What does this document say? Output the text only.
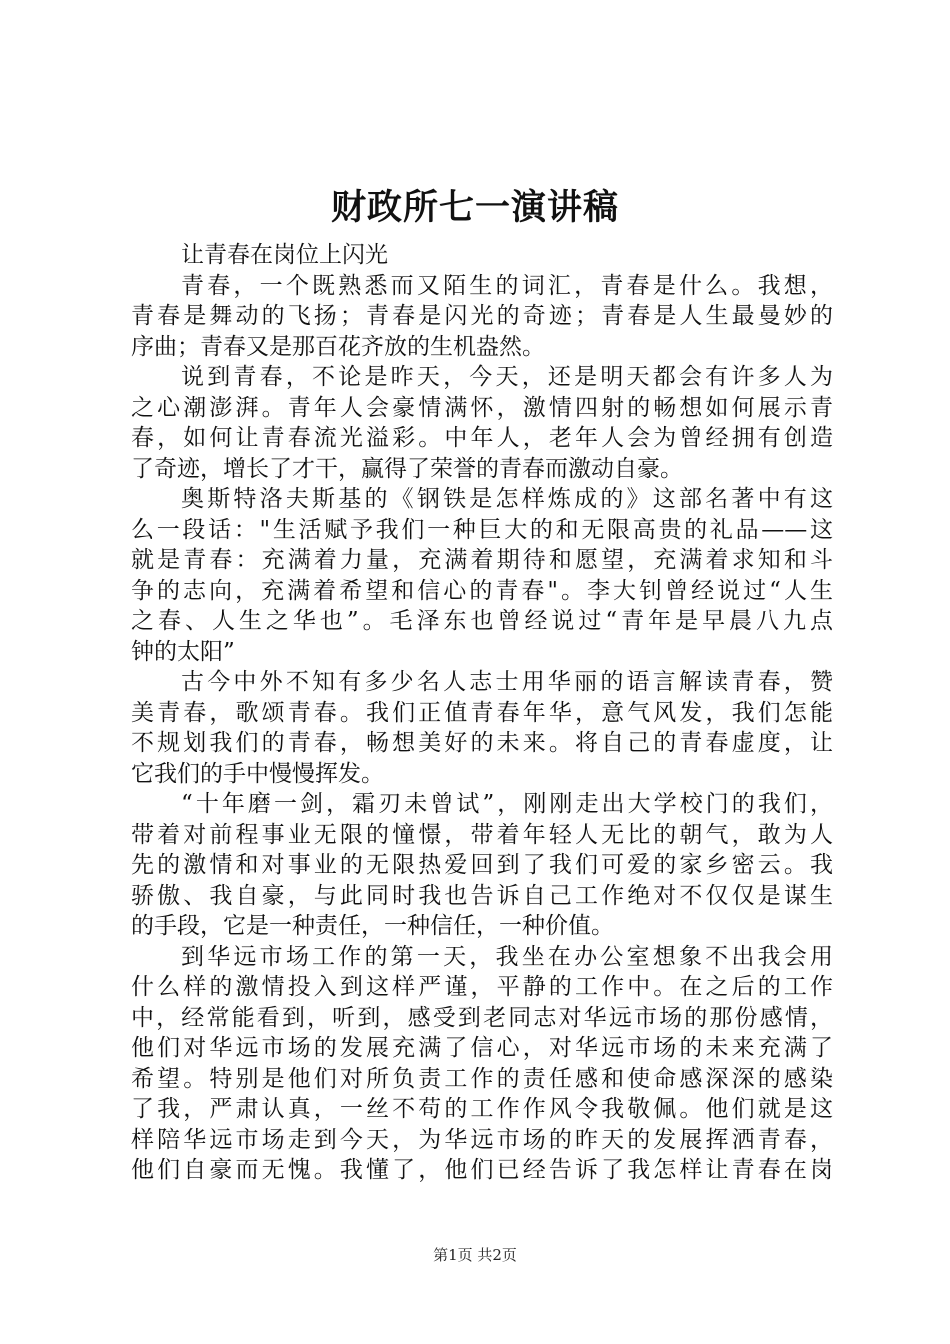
财政所七一演讲稿
让青春在岗位上闪光
青春，一个既熟悉而又陌生的词汇，青春是什么。我想，
青春是舞动的飞扬；青春是闪光的奇迹；青春是人生最曼妙的
序曲；青春又是那百花齐放的生机盎然。
说到青春，不论是昨天，今天，还是明天都会有许多人为
之心潮澎湃。青年人会豪情满怀，激情四射的畅想如何展示青
春，如何让青春流光溢彩。中年人，老年人会为曾经拥有创造
了奇迹，增长了才干，赢得了荣誉的青春而激动自豪。
奥斯特洛夫斯基的《钢铁是怎样炼成的》这部名著中有这
么一段话："生活赋予我们一种巨大的和无限高贵的礼品——这
就是青春：充满着力量，充满着期待和愿望，充满着求知和斗
争的志向，充满着希望和信心的青春"。李大钊曾经说过“人生
之春、人生之华也”。毛泽东也曾经说过“青年是早晨八九点
钟的太阳”
古今中外不知有多少名人志士用华丽的语言解读青春，赞
美青春，歌颂青春。我们正值青春年华，意气风发，我们怎能
不规划我们的青春，畅想美好的未来。将自己的青春虚度，让
它我们的手中慢慢挥发。
“十年磨一剑，霜刃未曾试”，刚刚走出大学校门的我们，
带着对前程事业无限的憧憬，带着年轻人无比的朝气，敢为人
先的激情和对事业的无限热爱回到了我们可爱的家乡密云。我
骄傲、我自豪，与此同时我也告诉自己工作绝对不仅仅是谋生
的手段，它是一种责任，一种信任，一种价值。
到华远市场工作的第一天，我坐在办公室想象不出我会用
什么样的激情投入到这样严谨，平静的工作中。在之后的工作
中，经常能看到，听到，感受到老同志对华远市场的那份感情，
他们对华远市场的发展充满了信心，对华远市场的未来充满了
希望。特别是他们对所负责工作的责任感和使命感深深的感染
了我，严肃认真，一丝不苟的工作作风令我敬佩。他们就是这
样陪华远市场走到今天，为华远市场的昨天的发展挥洒青春，
他们自豪而无愧。我懂了，他们已经告诉了我怎样让青春在岗
第1页 共2页
